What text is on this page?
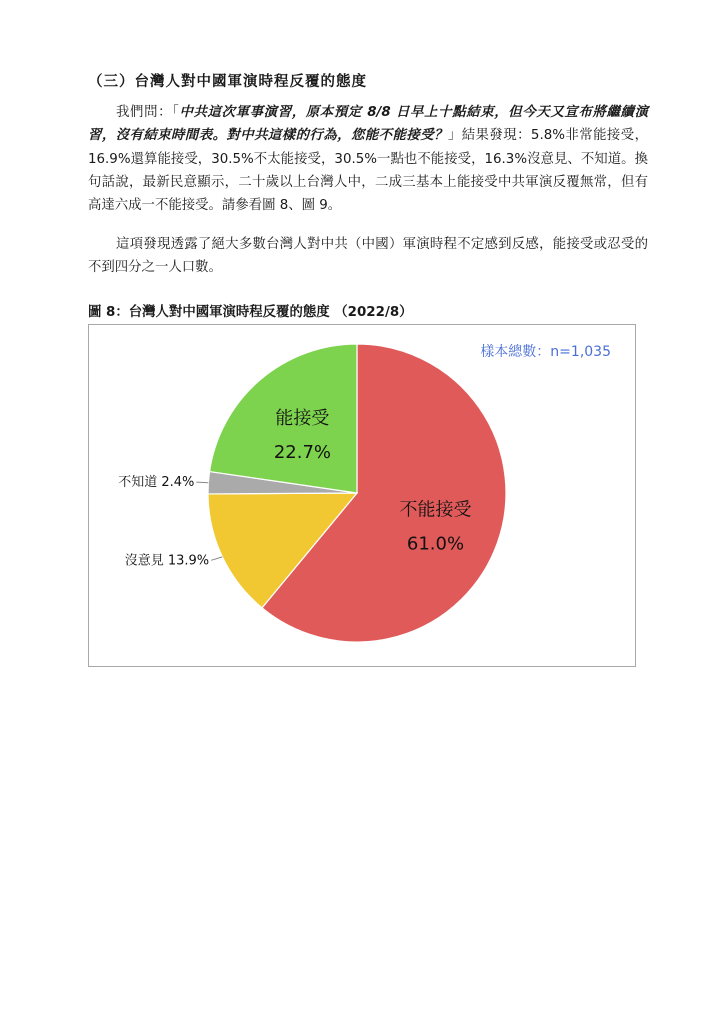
（三）台灣人對中國軍演時程反覆的態度
我們問：「中共這次軍事演習，原本預定 8/8 日早上十點結束，但今天又宣布將繼續演習，沒有結束時間表。對中共這樣的行為，您能不能接受？」結果發現：5.8%非常能接受，16.9%還算能接受，30.5%不太能接受，30.5%一點也不能接受，16.3%沒意見、不知道。換句話說，最新民意顯示，二十歲以上台灣人中，二成三基本上能接受中共軍演反覆無常，但有高達六成一不能接受。請參看圖 8、圖 9。
這項發現透露了絕大多數台灣人對中共（中國）軍演時程不定感到反感，能接受或忍受的不到四分之一人口數。
圖 8：台灣人對中國軍演時程反覆的態度 （2022/8）
樣本總數：n=1,035
不能接受
61.0%
能接受
22.7%
沒意見 13.9%
不知道 2.4%
